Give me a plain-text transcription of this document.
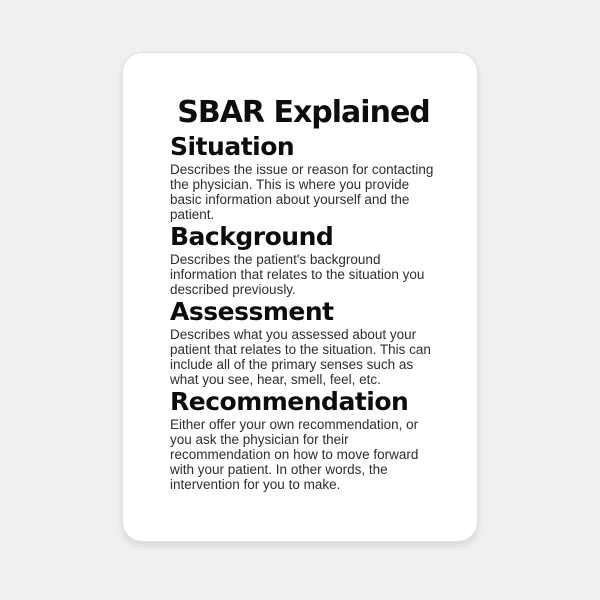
SBAR Explained
Situation

Describes the issue or reason for contacting the physician. This is where you provide basic information about yourself and the patient.

Background

Describes the patient's background information that relates to the situation you described previously.

Assessment

Describes what you assessed about your patient that relates to the situation. This can include all of the primary senses such as what you see, hear, smell, feel, etc.

Recommendation

Either offer your own recommendation, or you ask the physician for their recommendation on how to move forward with your patient. In other words, the intervention for you to make.
